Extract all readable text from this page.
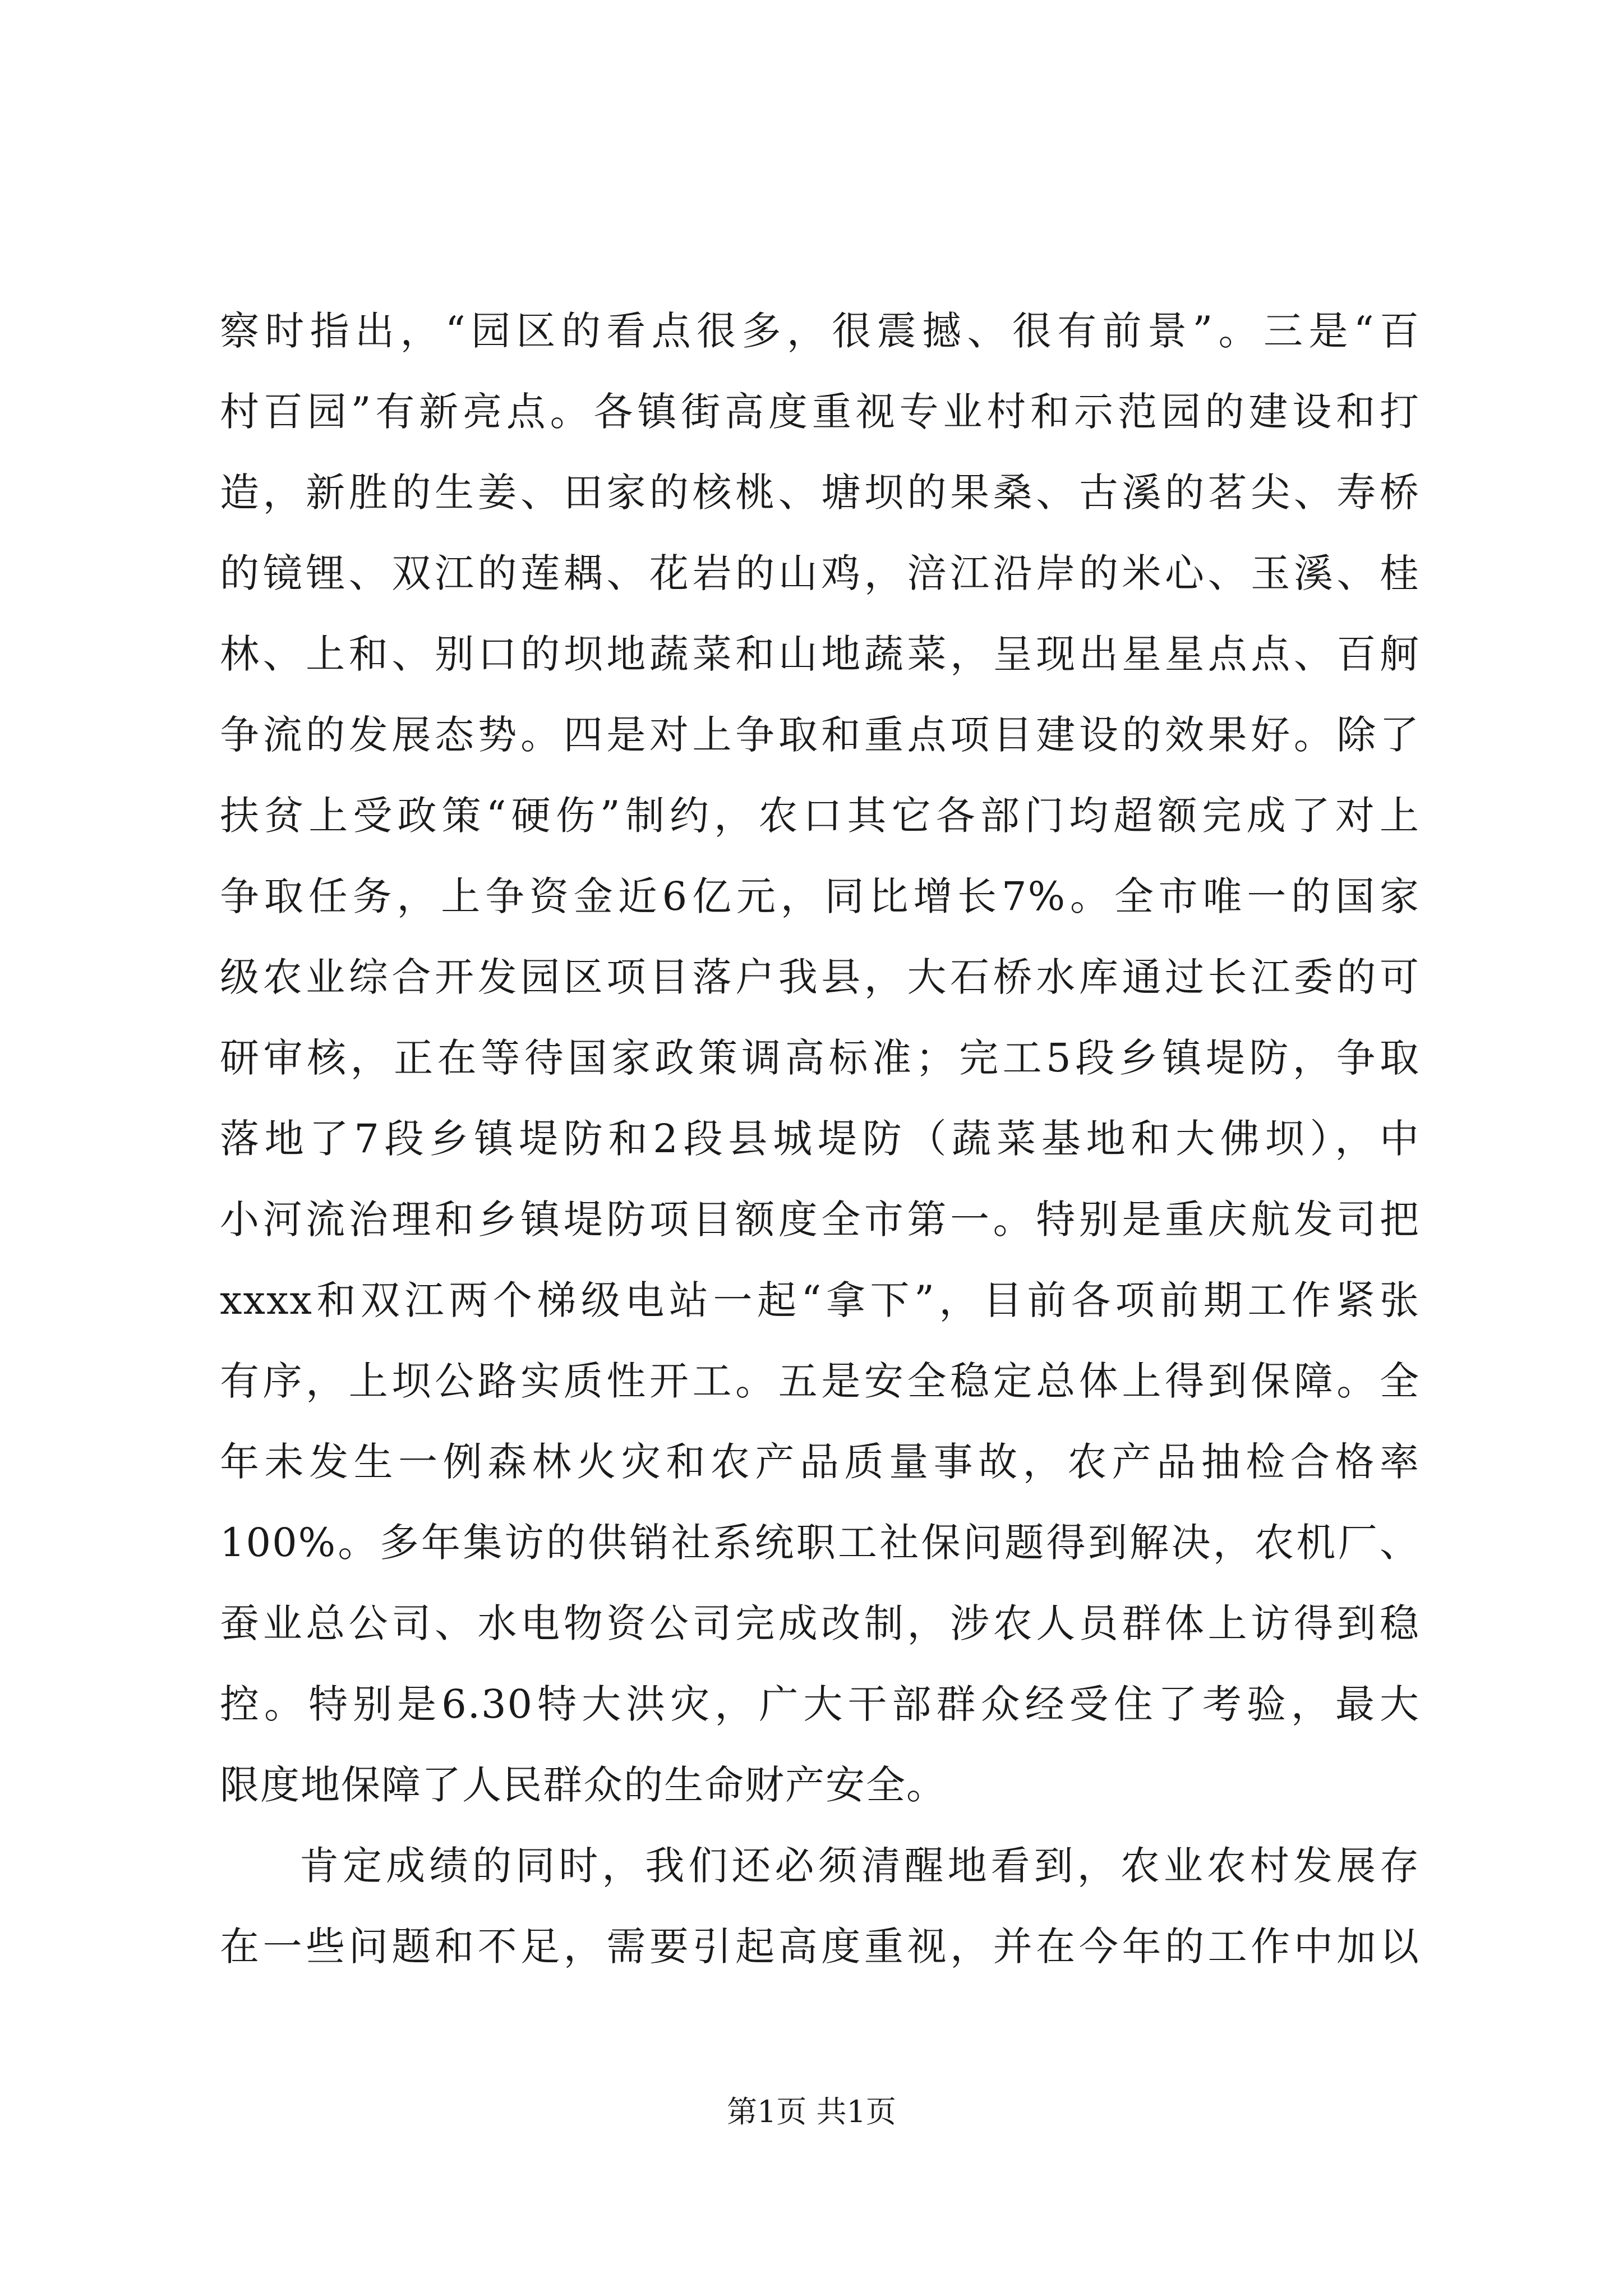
察时指出，“园区的看点很多，很震撼、很有前景”。三是“百
村百园”有新亮点。各镇街高度重视专业村和示范园的建设和打
造，新胜的生姜、田家的核桃、塘坝的果桑、古溪的茗尖、寿桥
的镜锂、双江的莲耦、花岩的山鸡，涪江沿岸的米心、玉溪、桂
林、上和、别口的坝地蔬菜和山地蔬菜，呈现出星星点点、百舸
争流的发展态势。四是对上争取和重点项目建设的效果好。除了
扶贫上受政策“硬伤”制约，农口其它各部门均超额完成了对上
争取任务，上争资金近6亿元，同比增长7%。全市唯一的国家
级农业综合开发园区项目落户我县，大石桥水库通过长江委的可
研审核，正在等待国家政策调高标准；完工5段乡镇堤防，争取
落地了7段乡镇堤防和2段县城堤防（蔬菜基地和大佛坝），中
小河流治理和乡镇堤防项目额度全市第一。特别是重庆航发司把
xxxx和双江两个梯级电站一起“拿下”，目前各项前期工作紧张
有序，上坝公路实质性开工。五是安全稳定总体上得到保障。全
年未发生一例森林火灾和农产品质量事故，农产品抽检合格率
100%。多年集访的供销社系统职工社保问题得到解决，农机厂、
蚕业总公司、水电物资公司完成改制，涉农人员群体上访得到稳
控。特别是6.30特大洪灾，广大干部群众经受住了考验，最大
限度地保障了人民群众的生命财产安全。
肯定成绩的同时，我们还必须清醒地看到，农业农村发展存
在一些问题和不足，需要引起高度重视，并在今年的工作中加以
第1页 共1页
